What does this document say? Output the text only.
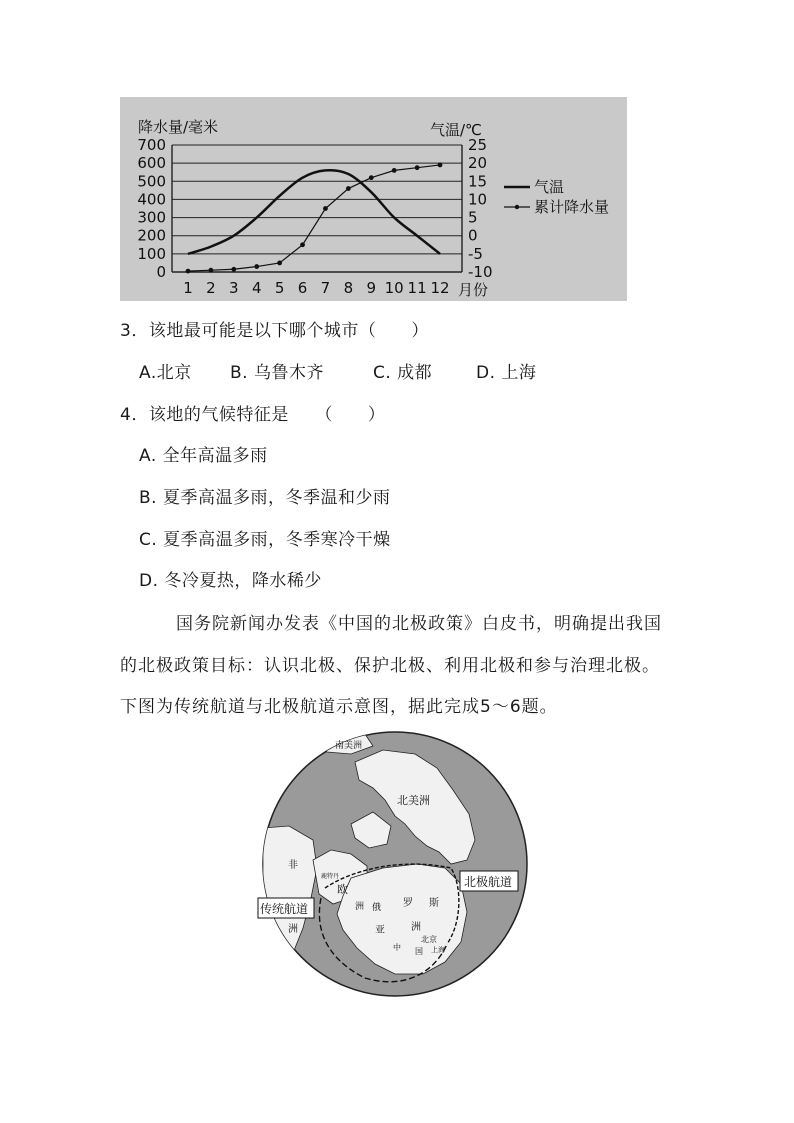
降水量/毫米	气温/℃
月份
0
100
200
300
400
500
600
700	25
20
15
10
5
0
-5
-10
1 2 3 4 5 6 7 8 9 10 11 12
气温
累计降水量
3．该地最可能是以下哪个城市（　　）
A.北京 B. 乌鲁木齐	C. 成都	D. 上海
4．该地的气候特征是　　（　　）
A. 全年高温多雨
B. 夏季高温多雨，冬季温和少雨
C. 夏季高温多雨，冬季寒冷干燥
D. 冬冷夏热，降水稀少
国务院新闻办发表《中国的北极政策》白皮书，明确提出我国
的北极政策目标：认识北极、保护北极、利用北极和参与治理北极。
下图为传统航道与北极航道示意图，据此完成5～6题。
南美洲
北美洲
非
洲
鹿特丹
欧
洲 俄 罗 斯
亚	洲
中 国
北京
上海
北极航道
传统航道
